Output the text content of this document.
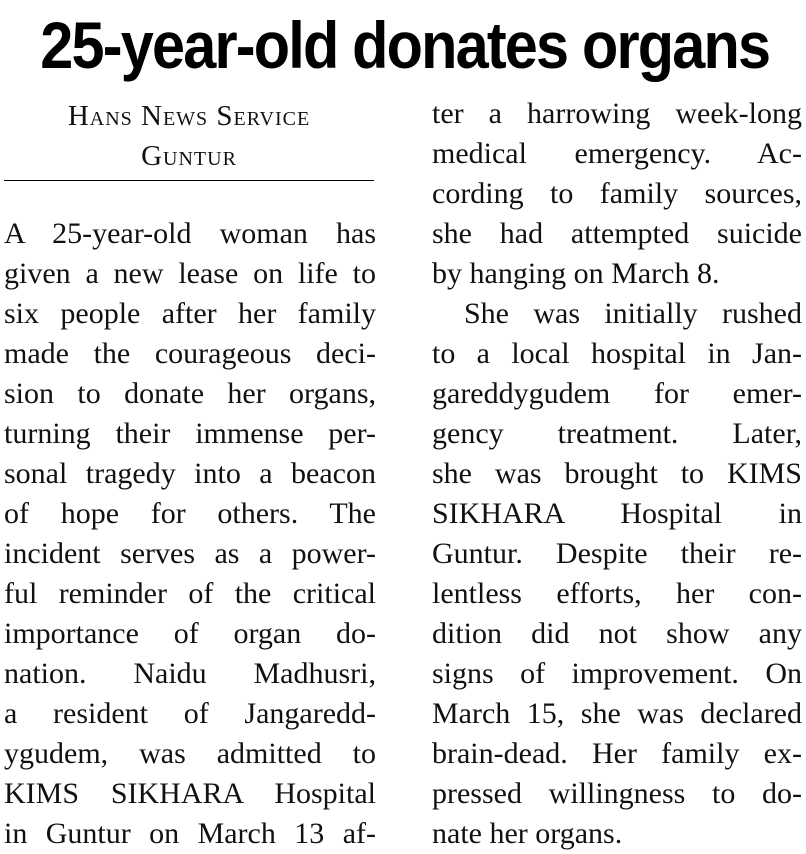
25-year-old donates organs
Hans News Service
Guntur
A 25-year-old woman has
given a new lease on life to
six people after her family
made the courageous deci-
sion to donate her organs,
turning their immense per-
sonal tragedy into a beacon
of hope for others. The
incident serves as a power-
ful reminder of the critical
importance of organ do-
nation. Naidu Madhusri,
a resident of Jangaredd-
ygudem, was admitted to
KIMS SIKHARA Hospital
in Guntur on March 13 af-
ter a harrowing week-long
medical emergency. Ac-
cording to family sources,
she had attempted suicide
by hanging on March 8.
She was initially rushed
to a local hospital in Jan-
gareddygudem for emer-
gency treatment. Later,
she was brought to KIMS
SIKHARA Hospital in
Guntur. Despite their re-
lentless efforts, her con-
dition did not show any
signs of improvement. On
March 15, she was declared
brain-dead. Her family ex-
pressed willingness to do-
nate her organs.
